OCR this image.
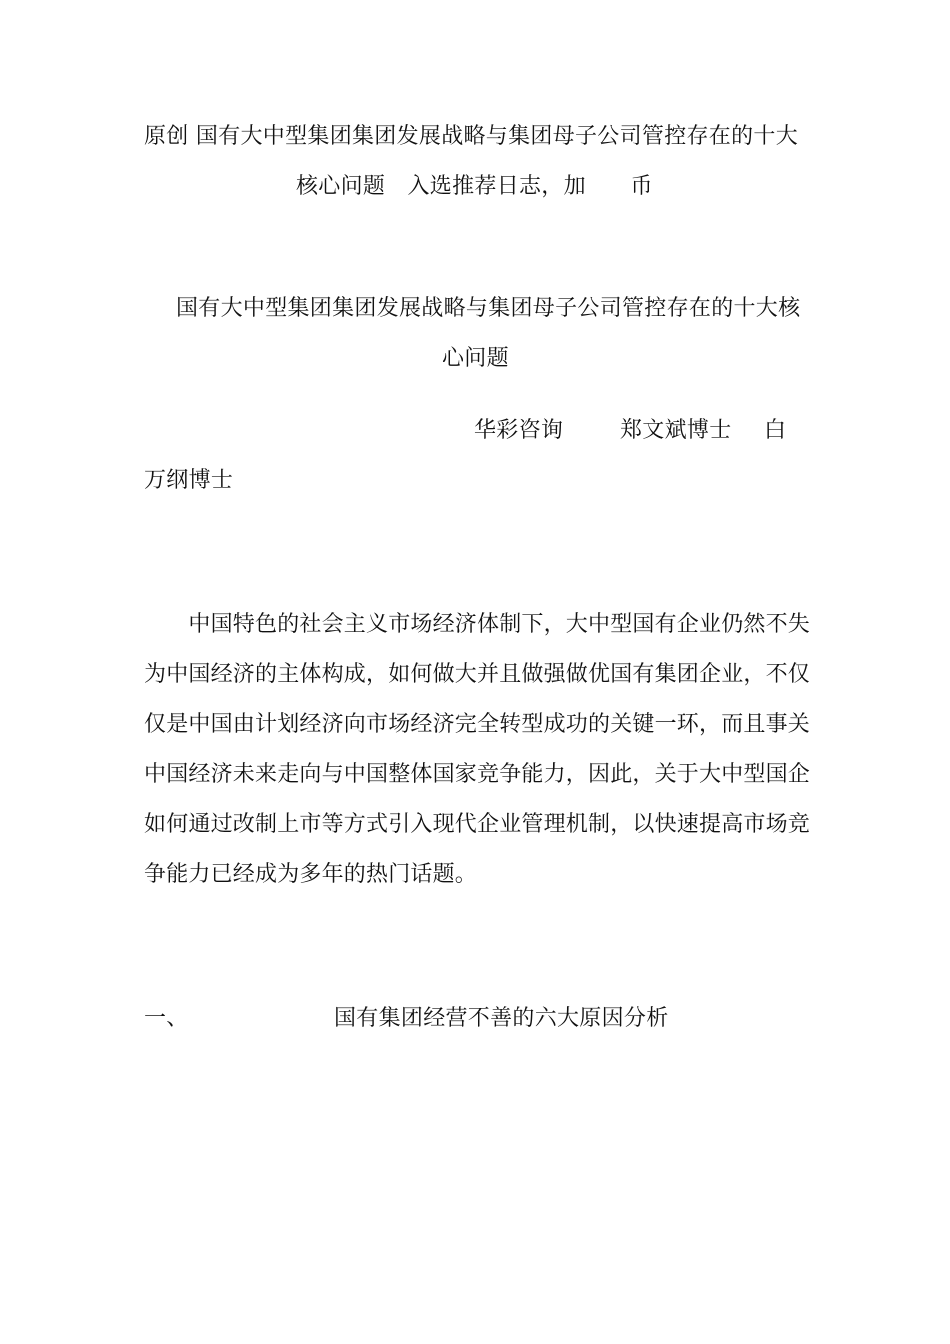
原创 国有大中型集团集团发展战略与集团母子公司管控存在的十大
核心问题　入选推荐日志，加　　币
国有大中型集团集团发展战略与集团母子公司管控存在的十大核
心问题
华彩咨询	郑文斌博士 白
万纲博士
　　中国特色的社会主义市场经济体制下，大中型国有企业仍然不失
为中国经济的主体构成，如何做大并且做强做优国有集团企业，不仅
仅是中国由计划经济向市场经济完全转型成功的关键一环，而且事关
中国经济未来走向与中国整体国家竞争能力，因此，关于大中型国企
如何通过改制上市等方式引入现代企业管理机制，以快速提高市场竞
争能力已经成为多年的热门话题。
一、	国有集团经营不善的六大原因分析
